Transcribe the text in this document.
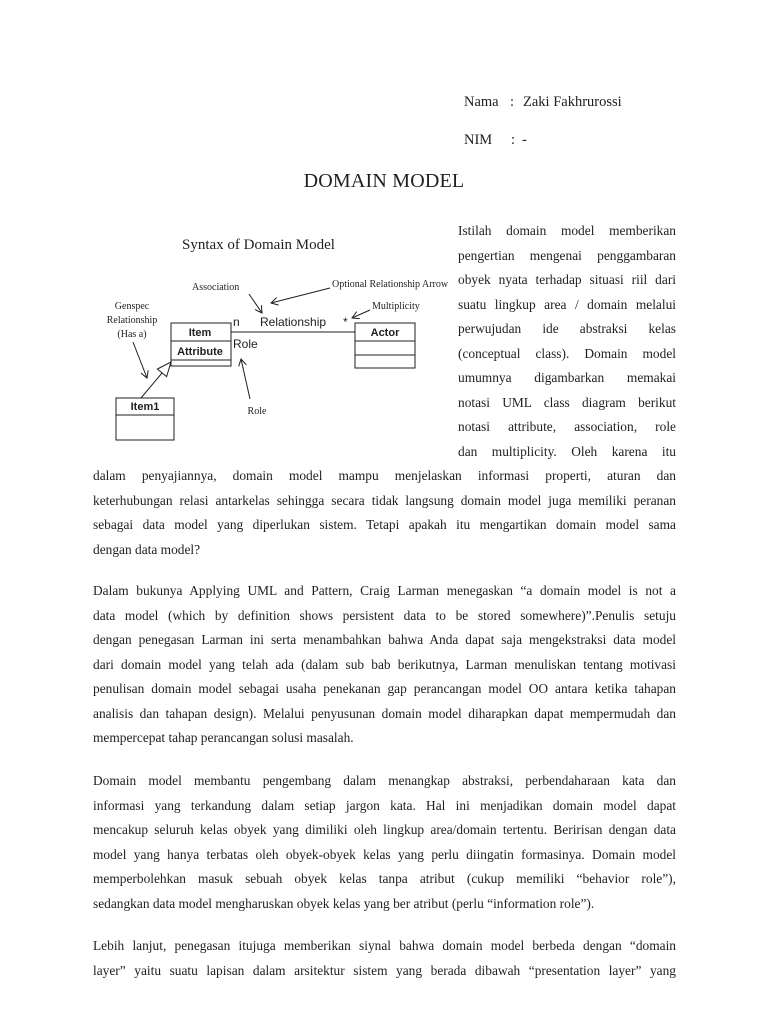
Nama : Zaki Fakhrurossi
NIM : -
DOMAIN MODEL
Syntax of Domain Model
Association	Optional Relationship Arrow
Multiplicity
Genspec
Relationship
(Has a)	Item
Attribute
n Relationship *
Role
Actor
Item1	Role
Istilah domain model memberikan
pengertian mengenai penggambaran
obyek nyata terhadap situasi riil dari
suatu lingkup area / domain melalui
perwujudan ide abstraksi kelas
(conceptual class). Domain model
umumnya digambarkan memakai
notasi UML class diagram berikut
notasi attribute, association, role
dan multiplicity. Oleh karena itu
dalam penyajiannya, domain model mampu menjelaskan informasi properti, aturan dan
keterhubungan relasi antarkelas sehingga secara tidak langsung domain model juga memiliki peranan
sebagai data model yang diperlukan sistem. Tetapi apakah itu mengartikan domain model sama
dengan data model?
Dalam bukunya Applying UML and Pattern, Craig Larman menegaskan “a domain model is not a
data model (which by definition shows persistent data to be stored somewhere)”.Penulis setuju
dengan penegasan Larman ini serta menambahkan bahwa Anda dapat saja mengekstraksi data model
dari domain model yang telah ada (dalam sub bab berikutnya, Larman menuliskan tentang motivasi
penulisan domain model sebagai usaha penekanan gap perancangan model OO antara ketika tahapan
analisis dan tahapan design). Melalui penyusunan domain model diharapkan dapat mempermudah dan
mempercepat tahap perancangan solusi masalah.
Domain model membantu pengembang dalam menangkap abstraksi, perbendaharaan kata dan
informasi yang terkandung dalam setiap jargon kata. Hal ini menjadikan domain model dapat
mencakup seluruh kelas obyek yang dimiliki oleh lingkup area/domain tertentu. Beririsan dengan data
model yang hanya terbatas oleh obyek-obyek kelas yang perlu diingatin formasinya. Domain model
memperbolehkan masuk sebuah obyek kelas tanpa atribut (cukup memiliki “behavior role”),
sedangkan data model mengharuskan obyek kelas yang ber atribut (perlu “information role”).
Lebih lanjut, penegasan itujuga memberikan siynal bahwa domain model berbeda dengan “domain
layer” yaitu suatu lapisan dalam arsitektur sistem yang berada dibawah “presentation layer” yang
